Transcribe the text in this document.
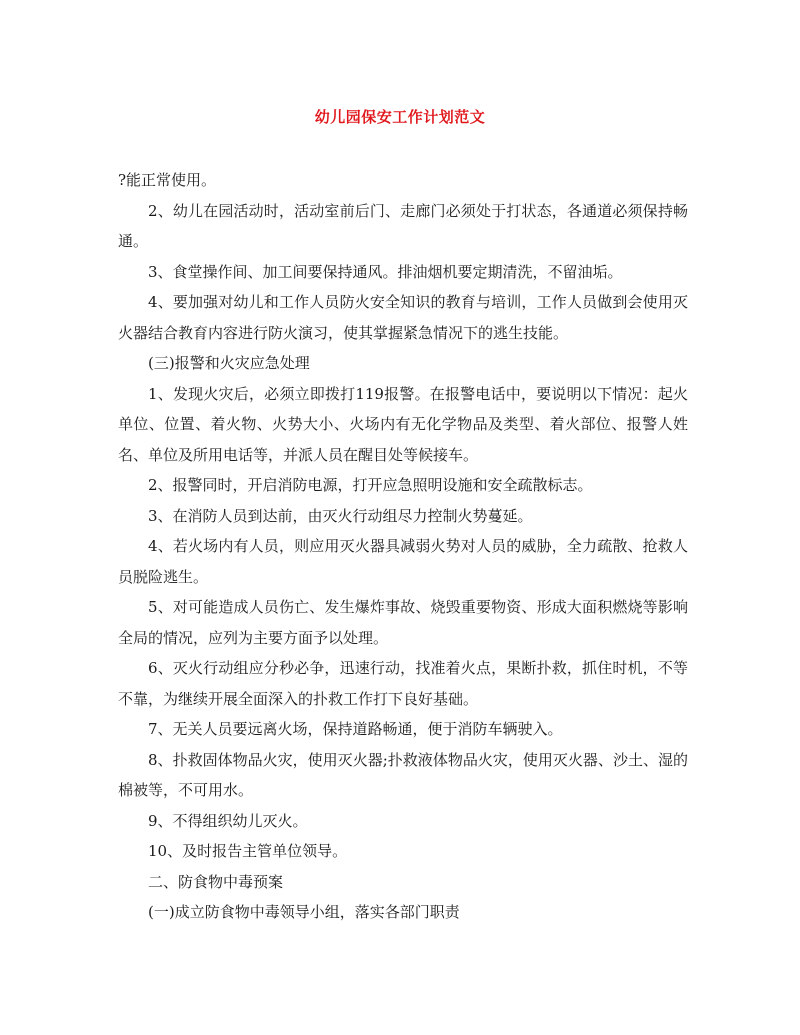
幼儿园保安工作计划范文

?能正常使用。

2、幼儿在园活动时，活动室前后门、走廊门必须处于打状态，各通道必须保持畅通。

3、食堂操作间、加工间要保持通风。排油烟机要定期清洗，不留油垢。

4、要加强对幼儿和工作人员防火安全知识的教育与培训，工作人员做到会使用灭火器结合教育内容进行防火演习，使其掌握紧急情况下的逃生技能。

(三)报警和火灾应急处理

1、发现火灾后，必须立即拨打119报警。在报警电话中，要说明以下情况：起火单位、位置、着火物、火势大小、火场内有无化学物品及类型、着火部位、报警人姓名、单位及所用电话等，并派人员在醒目处等候接车。

2、报警同时，开启消防电源，打开应急照明设施和安全疏散标志。

3、在消防人员到达前，由灭火行动组尽力控制火势蔓延。

4、若火场内有人员，则应用灭火器具减弱火势对人员的威胁，全力疏散、抢救人员脱险逃生。

5、对可能造成人员伤亡、发生爆炸事故、烧毁重要物资、形成大面积燃烧等影响全局的情况，应列为主要方面予以处理。

6、灭火行动组应分秒必争，迅速行动，找准着火点，果断扑救，抓住时机，不等不靠，为继续开展全面深入的扑救工作打下良好基础。

7、无关人员要远离火场，保持道路畅通，便于消防车辆驶入。

8、扑救固体物品火灾，使用灭火器;扑救液体物品火灾，使用灭火器、沙土、湿的棉被等，不可用水。

9、不得组织幼儿灭火。

10、及时报告主管单位领导。

二、防食物中毒预案

(一)成立防食物中毒领导小组，落实各部门职责
